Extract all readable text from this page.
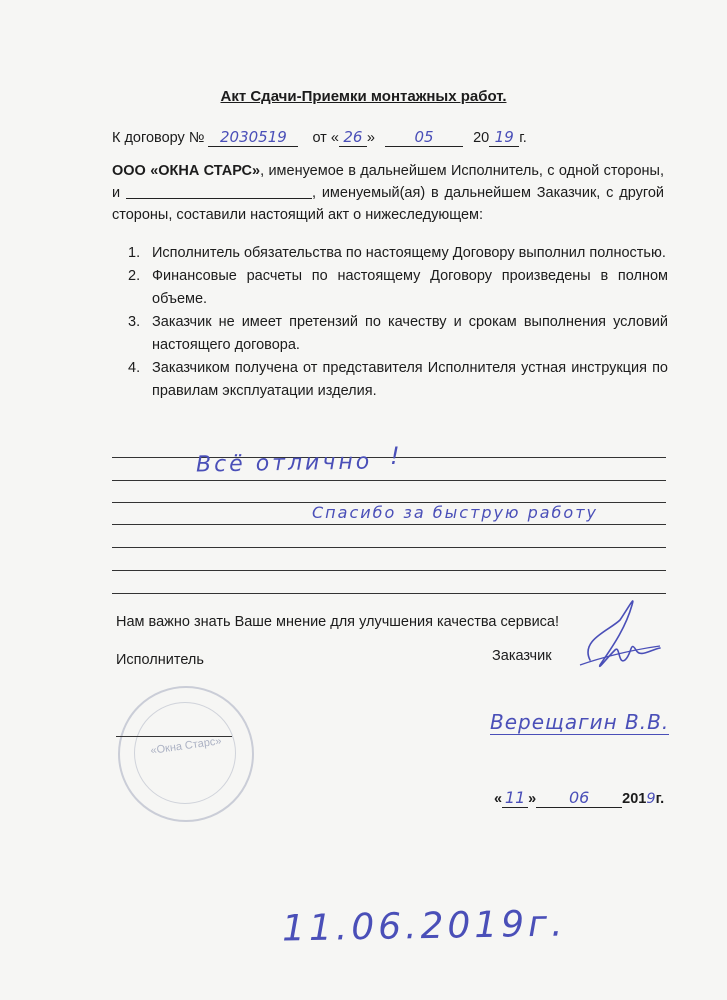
Акт Сдачи-Приемки монтажных работ.
К договору № 2030519 от « 26 »	05	20 19 г.
ООО «ОКНА СТАРС», именуемое в дальнейшем Исполнитель, с одной стороны, и	, именуемый(ая) в дальнейшем Заказчик, с другой стороны, составили настоящий акт о нижеследующем:
1. Исполнитель обязательства по настоящему Договору выполнил полностью.
2. Финансовые расчеты по настоящему Договору произведены в полном объеме.
3. Заказчик не имеет претензий по качеству и срокам выполнения условий настоящего договора.
4. Заказчиком получена от представителя Исполнителя устная инструкция по правилам эксплуатации изделия.
Всё отлично !
Спасибо за быструю работу
Нам важно знать Ваше мнение для улучшения качества сервиса!
Исполнитель	Заказчик
Верещагин В.В.
«Окна Старс»
« 11 » 06 2019г.
11.06.2019г.
